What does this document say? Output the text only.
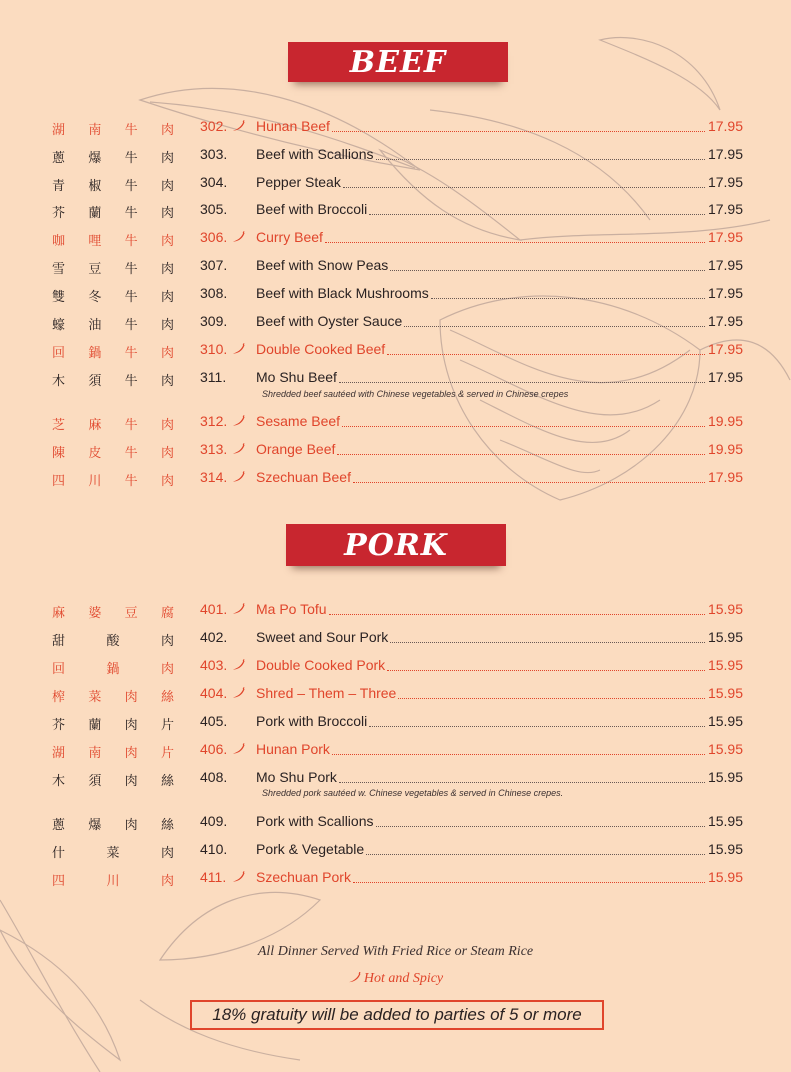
BEEF
湖 南 牛 肉 302.	Hunan Beef	17.95
蔥 爆 牛 肉 303.	Beef with Scallions	17.95
青 椒 牛 肉 304.	Pepper Steak	17.95
芥 蘭 牛 肉 305.	Beef with Broccoli	17.95
咖 哩 牛 肉 306.	Curry Beef	17.95
雪 豆 牛 肉 307.	Beef with Snow Peas	17.95
雙 冬 牛 肉 308.	Beef with Black Mushrooms	17.95
蠔 油 牛 肉 309.	Beef with Oyster Sauce	17.95
回 鍋 牛 肉 310.	Double Cooked Beef	17.95
木 須 牛 肉 311.	Mo Shu Beef	17.95
Shredded beef sautéed with Chinese vegetables & served in Chinese crepes
芝 麻 牛 肉 312.	Sesame Beef	19.95
陳 皮 牛 肉 313.	Orange Beef	19.95
四 川 牛 肉 314.	Szechuan Beef	17.95
PORK
麻 婆 豆 腐 401.	Ma Po Tofu	15.95
甜	酸	肉 402.	Sweet and Sour Pork	15.95
回	鍋	肉 403.	Double Cooked Pork	15.95
榨 菜 肉 絲 404.	Shred – Them – Three	15.95
芥 蘭 肉 片 405.	Pork with Broccoli	15.95
湖 南 肉 片 406.	Hunan Pork	15.95
木 須 肉 絲 408.	Mo Shu Pork	15.95
Shredded pork sautéed w. Chinese vegetables & served in Chinese crepes.
蔥 爆 肉 絲 409.	Pork with Scallions	15.95
什	菜	肉 410.	Pork & Vegetable	15.95
四	川	肉 411.	Szechuan Pork	15.95
All Dinner Served With Fried Rice or Steam Rice
Hot and Spicy
18% gratuity will be added to parties of 5 or more
